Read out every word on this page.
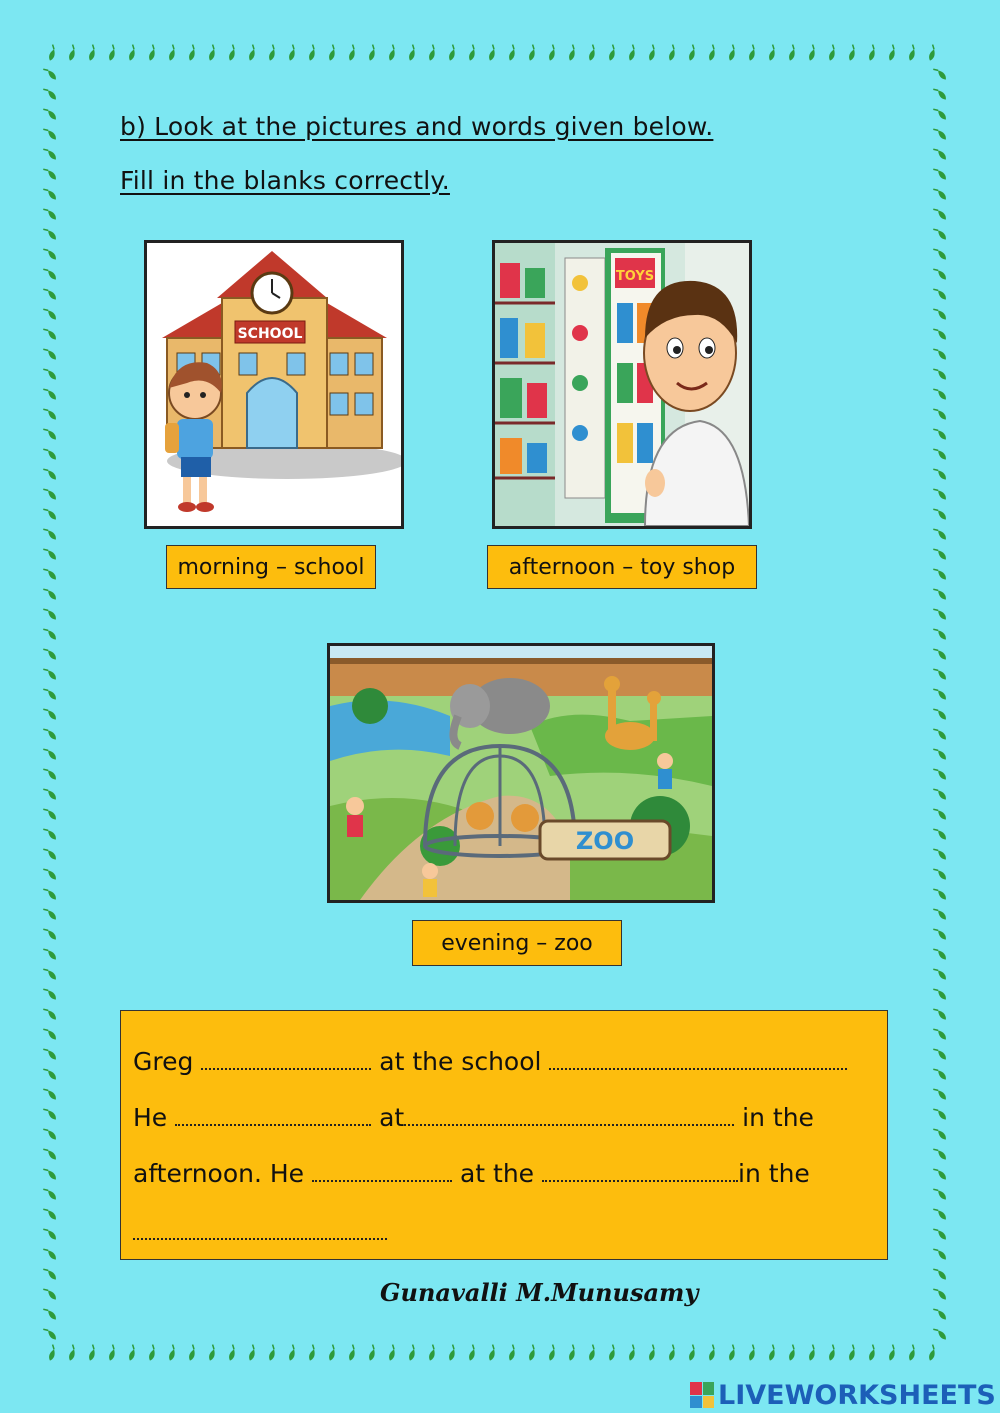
b) Look at the pictures and words given below.
Fill in the blanks correctly.
SCHOOL
TOYS
morning – school	afternoon – toy shop
ZOO
evening – zoo
Greg	at the school
He	at	in the
afternoon. He	at the	in the
Gunavalli M.Munusamy
LIVEWORKSHEETS
